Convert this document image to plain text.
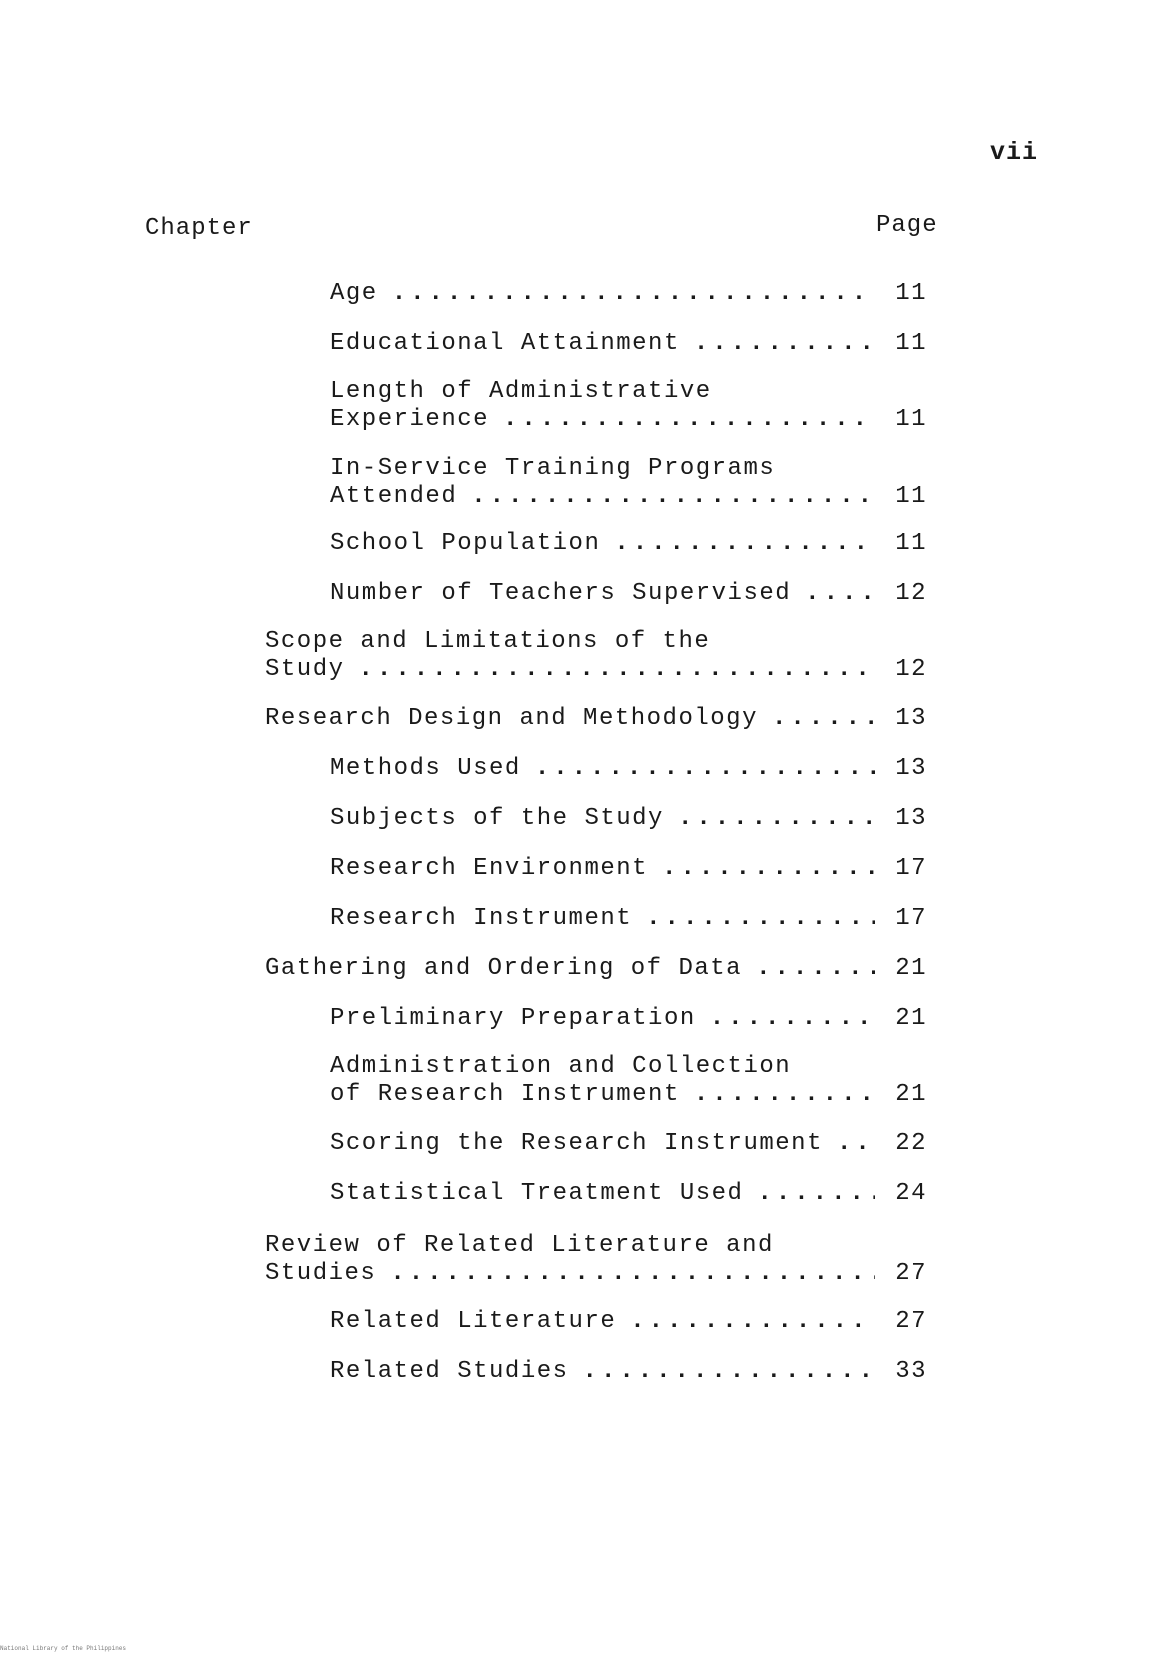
vii
Chapter	Page
Age .....	11
Educational Attainment .....	11
Length of Administrative
Experience .....	11
In-Service Training Programs
Attended .....	11
School Population .....	11
Number of Teachers Supervised .....	12
Scope and Limitations of the
Study .....	12
Research Design and Methodology .....	13
Methods Used .....	13
Subjects of the Study .....	13
Research Environment .....	17
Research Instrument .....	17
Gathering and Ordering of Data .....	21
Preliminary Preparation .....	21
Administration and Collection
of Research Instrument .....	21
Scoring the Research Instrument .....	22
Statistical Treatment Used .....	24
Review of Related Literature and
Studies .....	27
Related Literature .....	27
Related Studies .....	33
National Library of the Philippines
